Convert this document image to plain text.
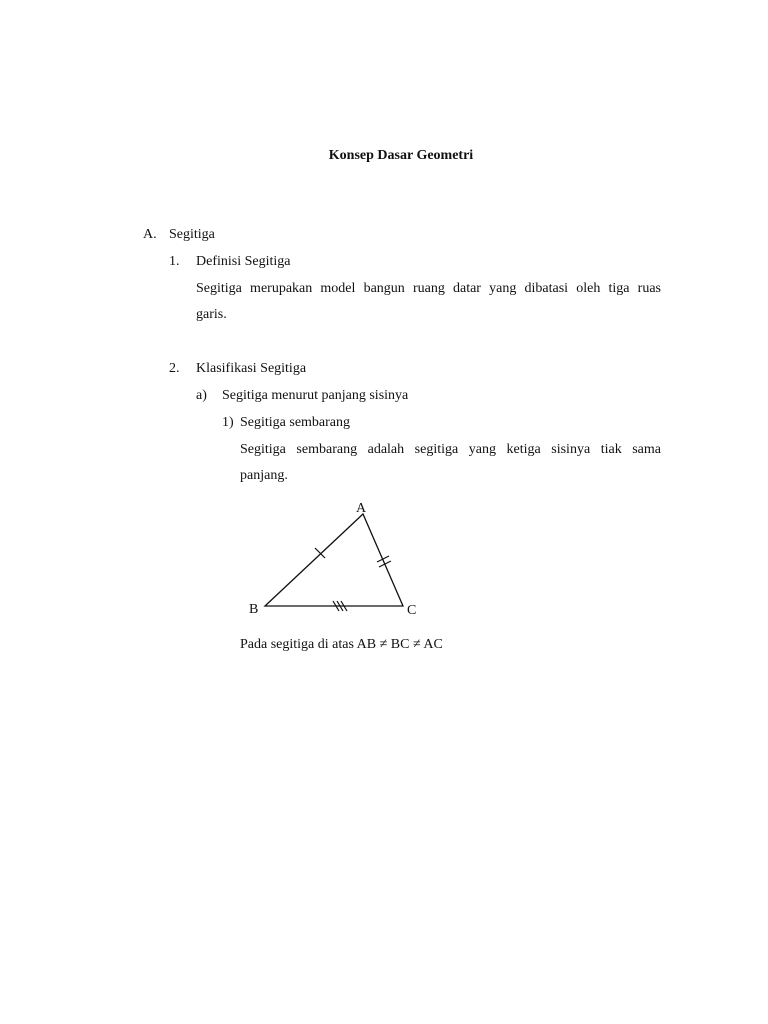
Konsep Dasar Geometri
A. Segitiga
1. Definisi Segitiga
Segitiga merupakan model bangun ruang datar yang dibatasi oleh tiga ruas
garis.
2. Klasifikasi Segitiga
a) Segitiga menurut panjang sisinya
1) Segitiga sembarang
Segitiga sembarang adalah segitiga yang ketiga sisinya tiak sama
panjang.
A
B	C
Pada segitiga di atas AB ≠ BC ≠ AC
